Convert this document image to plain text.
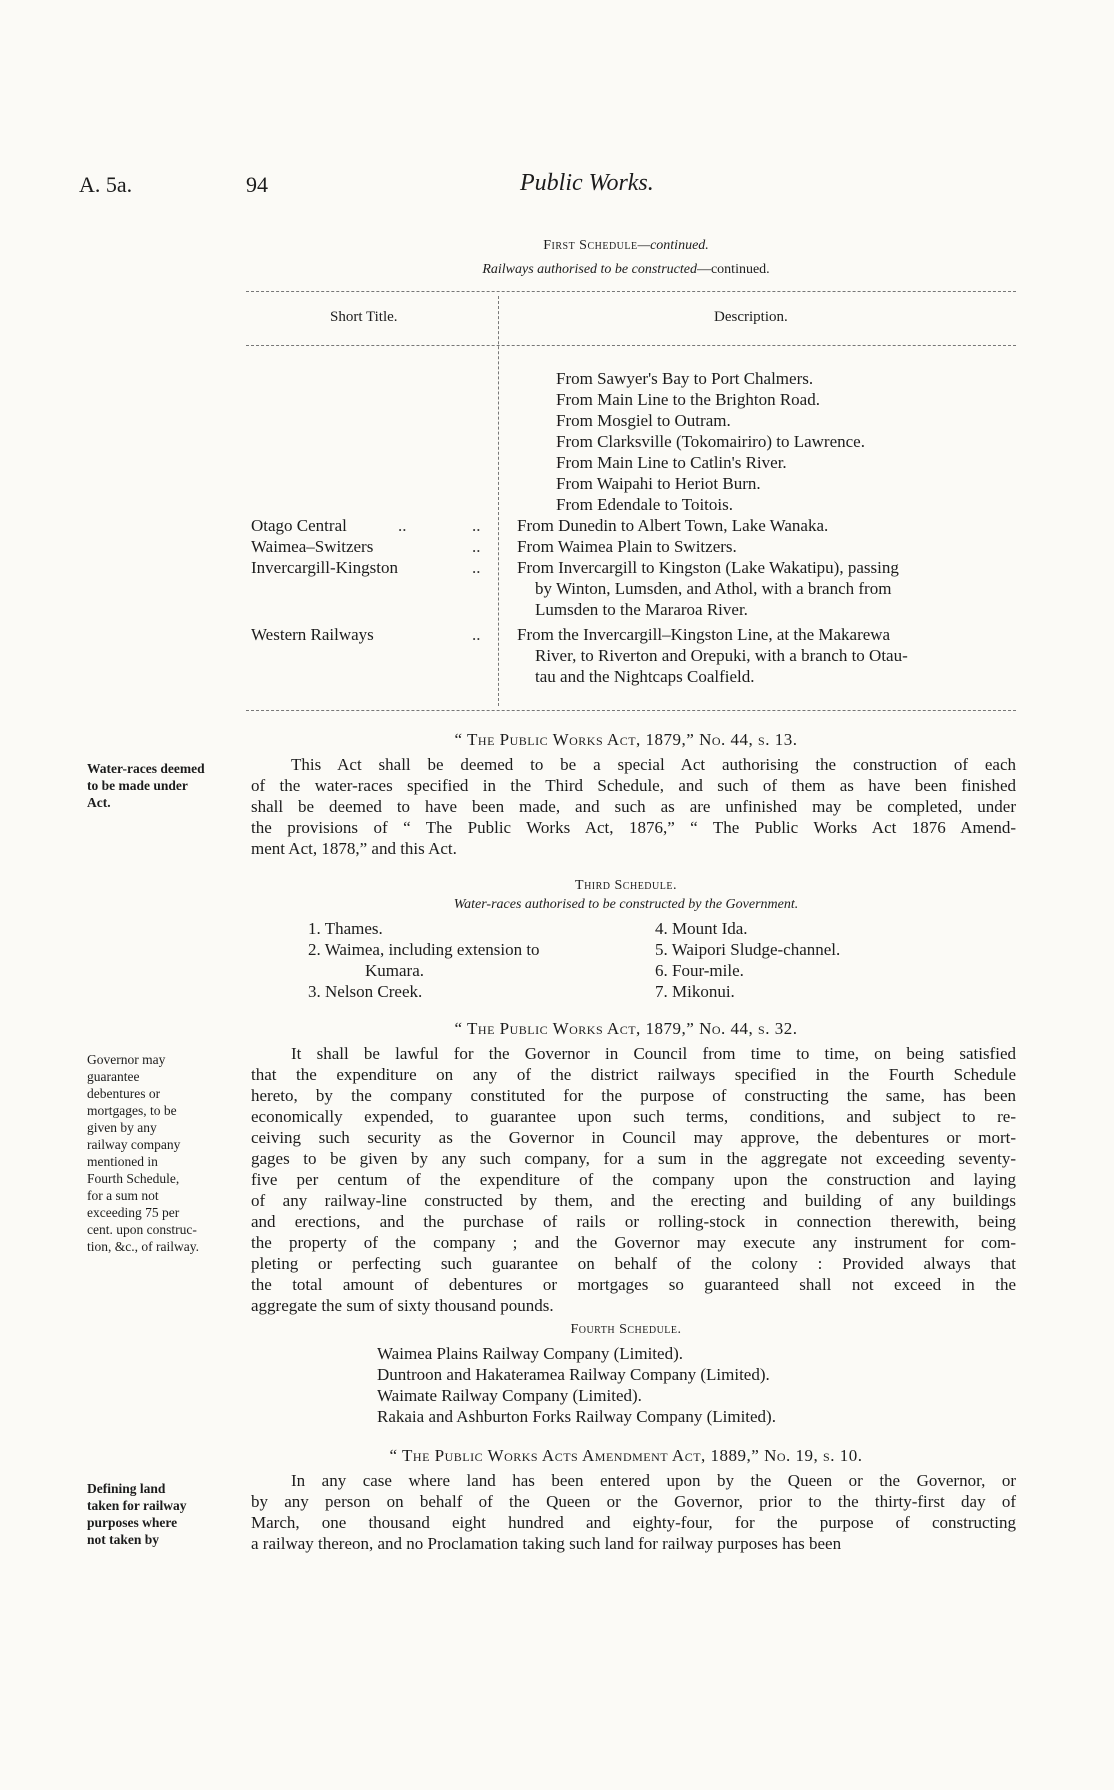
A. 5a.	94	Public Works.
First Schedule—continued.
Railways authorised to be constructed—continued.
Short Title.	Description.
From Sawyer's Bay to Port Chalmers.
From Main Line to the Brighton Road.
From Mosgiel to Outram.
From Clarksville (Tokomairiro) to Lawrence.
From Main Line to Catlin's River.
From Waipahi to Heriot Burn.
From Edendale to Toitois.
Otago Central	..	.. From Dunedin to Albert Town, Lake Wanaka.
Waimea–Switzers	.. From Waimea Plain to Switzers.
Invercargill-Kingston	.. From Invercargill to Kingston (Lake Wakatipu), passing
by Winton, Lumsden, and Athol, with a branch from
Lumsden to the Mararoa River.
Western Railways	.. From the Invercargill–Kingston Line, at the Makarewa
River, to Riverton and Orepuki, with a branch to Otau-
tau and the Nightcaps Coalfield.
“ The Public Works Act, 1879,” No. 44, s. 13.
Water-races deemed
to be made under
Act.
This Act shall be deemed to be a special Act authorising the construction of each
of the water-races specified in the Third Schedule, and such of them as have been finished
shall be deemed to have been made, and such as are unfinished may be completed, under
the provisions of “ The Public Works Act, 1876,” “ The Public Works Act 1876 Amend-
ment Act, 1878,” and this Act.
Third Schedule.
Water-races authorised to be constructed by the Government.
1. Thames.
2. Waimea, including extension to
Kumara.
3. Nelson Creek.
4. Mount Ida.
5. Waipori Sludge-channel.
6. Four-mile.
7. Mikonui.
“ The Public Works Act, 1879,” No. 44, s. 32.
Governor may
guarantee
debentures or
mortgages, to be
given by any
railway company
mentioned in
Fourth Schedule,
for a sum not
exceeding 75 per
cent. upon construc-
tion, &c., of railway.
It shall be lawful for the Governor in Council from time to time, on being satisfied
that the expenditure on any of the district railways specified in the Fourth Schedule
hereto, by the company constituted for the purpose of constructing the same, has been
economically expended, to guarantee upon such terms, conditions, and subject to re-
ceiving such security as the Governor in Council may approve, the debentures or mort-
gages to be given by any such company, for a sum in the aggregate not exceeding seventy-
five per centum of the expenditure of the company upon the construction and laying
of any railway-line constructed by them, and the erecting and building of any buildings
and erections, and the purchase of rails or rolling-stock in connection therewith, being
the property of the company ; and the Governor may execute any instrument for com-
pleting or perfecting such guarantee on behalf of the colony : Provided always that
the total amount of debentures or mortgages so guaranteed shall not exceed in the
aggregate the sum of sixty thousand pounds.
Fourth Schedule.
Waimea Plains Railway Company (Limited).
Duntroon and Hakateramea Railway Company (Limited).
Waimate Railway Company (Limited).
Rakaia and Ashburton Forks Railway Company (Limited).
“ The Public Works Acts Amendment Act, 1889,” No. 19, s. 10.
Defining land
taken for railway
purposes where
not taken by
In any case where land has been entered upon by the Queen or the Governor, or
by any person on behalf of the Queen or the Governor, prior to the thirty-first day of
March, one thousand eight hundred and eighty-four, for the purpose of constructing
a railway thereon, and no Proclamation taking such land for railway purposes has been
